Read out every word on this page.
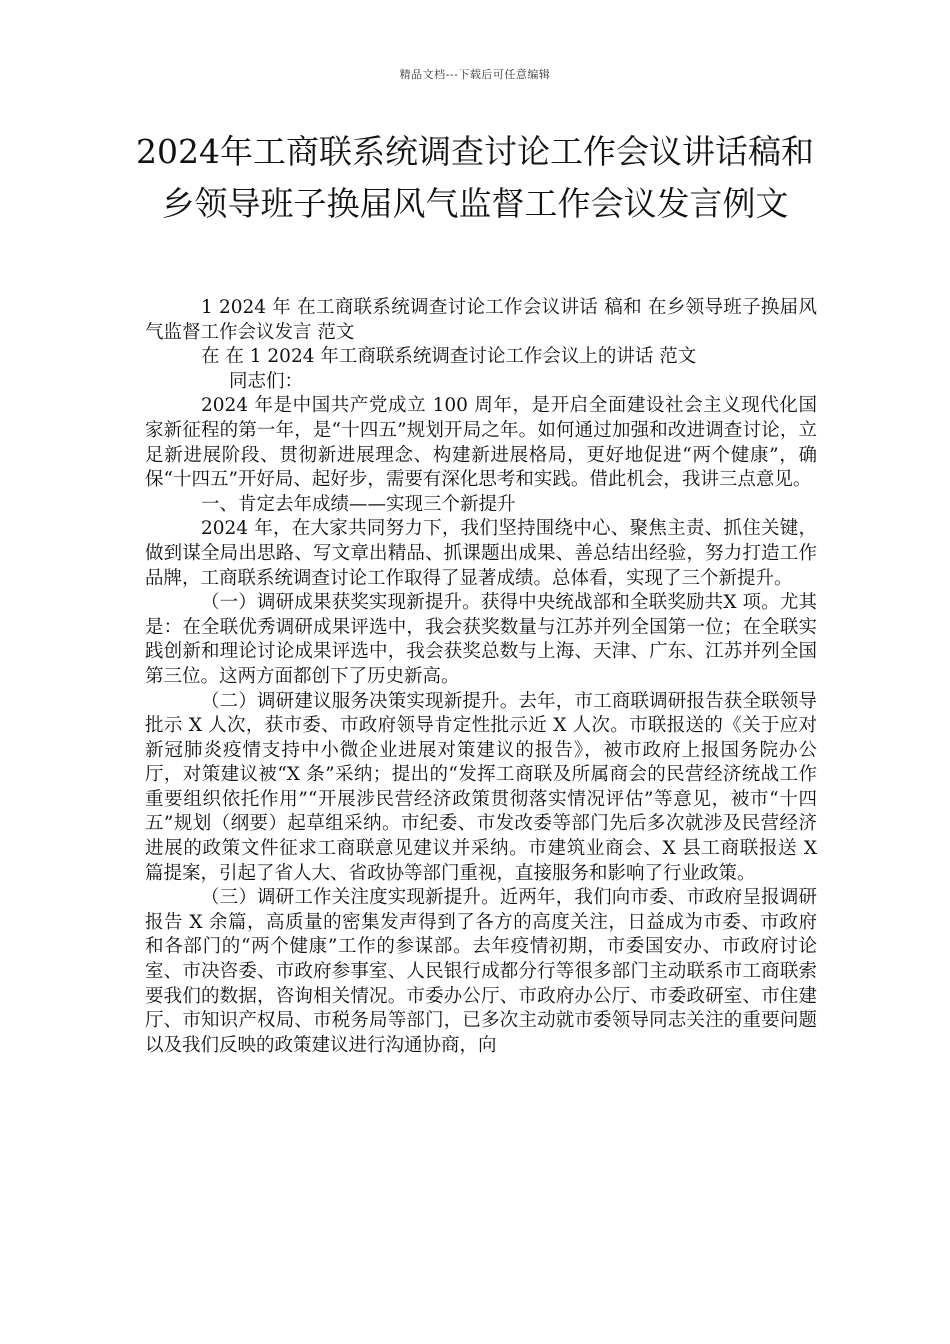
精品文档---下载后可任意编辑
2024年工商联系统调查讨论工作会议讲话稿和乡领导班子换届风气监督工作会议发言例文

1 2024 年 在工商联系统调查讨论工作会议讲话 稿和 在乡领导班子换届风气监督工作会议发言 范文

在 在 1 2024 年工商联系统调查讨论工作会议上的讲话 范文

同志们：

2024 年是中国共产党成立 100 周年，是开启全面建设社会主义现代化国家新征程的第一年，是“十四五”规划开局之年。如何通过加强和改进调查讨论，立足新进展阶段、贯彻新进展理念、构建新进展格局，更好地促进“两个健康”，确保“十四五”开好局、起好步，需要有深化思考和实践。借此机会，我讲三点意见。

一、肯定去年成绩——实现三个新提升

2024 年，在大家共同努力下，我们坚持围绕中心、聚焦主责、抓住关键，做到谋全局出思路、写文章出精品、抓课题出成果、善总结出经验，努力打造工作品牌，工商联系统调查讨论工作取得了显著成绩。总体看，实现了三个新提升。

（一）调研成果获奖实现新提升。获得中央统战部和全联奖励共X 项。尤其是：在全联优秀调研成果评选中，我会获奖数量与江苏并列全国第一位；在全联实践创新和理论讨论成果评选中，我会获奖总数与上海、天津、广东、江苏并列全国第三位。这两方面都创下了历史新高。

（二）调研建议服务决策实现新提升。去年，市工商联调研报告获全联领导批示 X 人次，获市委、市政府领导肯定性批示近 X 人次。市联报送的《关于应对新冠肺炎疫情支持中小微企业进展对策建议的报告》，被市政府上报国务院办公厅，对策建议被“X 条”采纳；提出的“发挥工商联及所属商会的民营经济统战工作重要组织依托作用”“开展涉民营经济政策贯彻落实情况评估”等意见，被市“十四五”规划（纲要）起草组采纳。市纪委、市发改委等部门先后多次就涉及民营经济进展的政策文件征求工商联意见建议并采纳。市建筑业商会、X 县工商联报送 X 篇提案，引起了省人大、省政协等部门重视，直接服务和影响了行业政策。

（三）调研工作关注度实现新提升。近两年，我们向市委、市政府呈报调研报告 X 余篇，高质量的密集发声得到了各方的高度关注，日益成为市委、市政府和各部门的“两个健康”工作的参谋部。去年疫情初期，市委国安办、市政府讨论室、市决咨委、市政府参事室、人民银行成都分行等很多部门主动联系市工商联索要我们的数据，咨询相关情况。市委办公厅、市政府办公厅、市委政研室、市住建厅、市知识产权局、市税务局等部门，已多次主动就市委领导同志关注的重要问题以及我们反映的政策建议进行沟通协商，向
